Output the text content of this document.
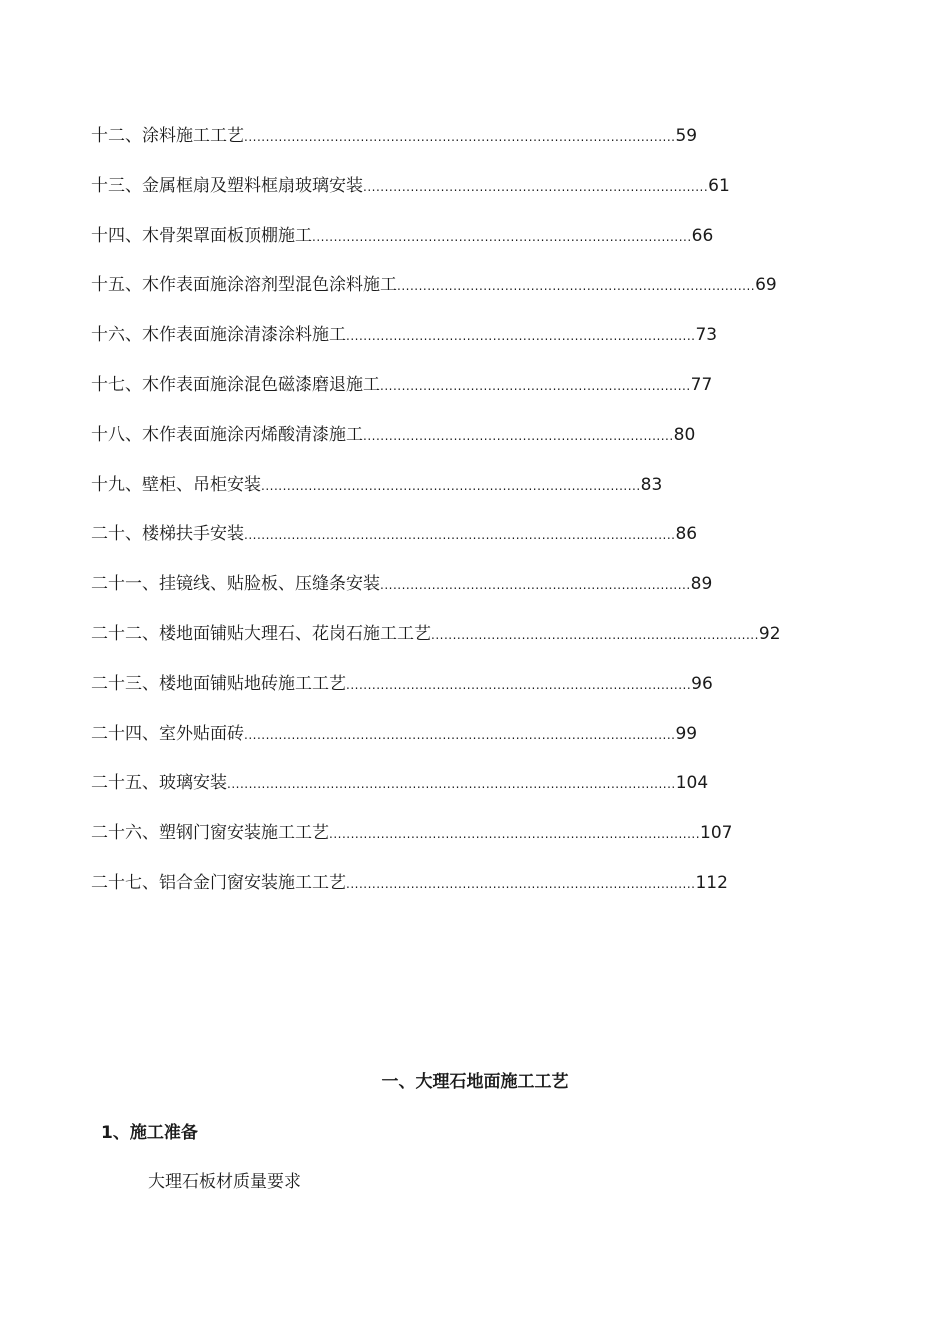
十二、涂料施工工艺....................................................................................................59
十三、金属框扇及塑料框扇玻璃安装................................................................................61
十四、木骨架罩面板顶棚施工........................................................................................66
十五、木作表面施涂溶剂型混色涂料施工...................................................................................69
十六、木作表面施涂清漆涂料施工.................................................................................73
十七、木作表面施涂混色磁漆磨退施工........................................................................77
十八、木作表面施涂丙烯酸清漆施工........................................................................80
十九、壁柜、吊柜安装........................................................................................83
二十、楼梯扶手安装....................................................................................................86
二十一、挂镜线、贴脸板、压缝条安装........................................................................89
二十二、楼地面铺贴大理石、花岗石施工工艺............................................................................92
二十三、楼地面铺贴地砖施工工艺................................................................................96
二十四、室外贴面砖....................................................................................................99
二十五、玻璃安装........................................................................................................104
二十六、塑钢门窗安装施工工艺......................................................................................107
二十七、铝合金门窗安装施工工艺.................................................................................112
一、大理石地面施工工艺
1、施工准备

大理石板材质量要求
